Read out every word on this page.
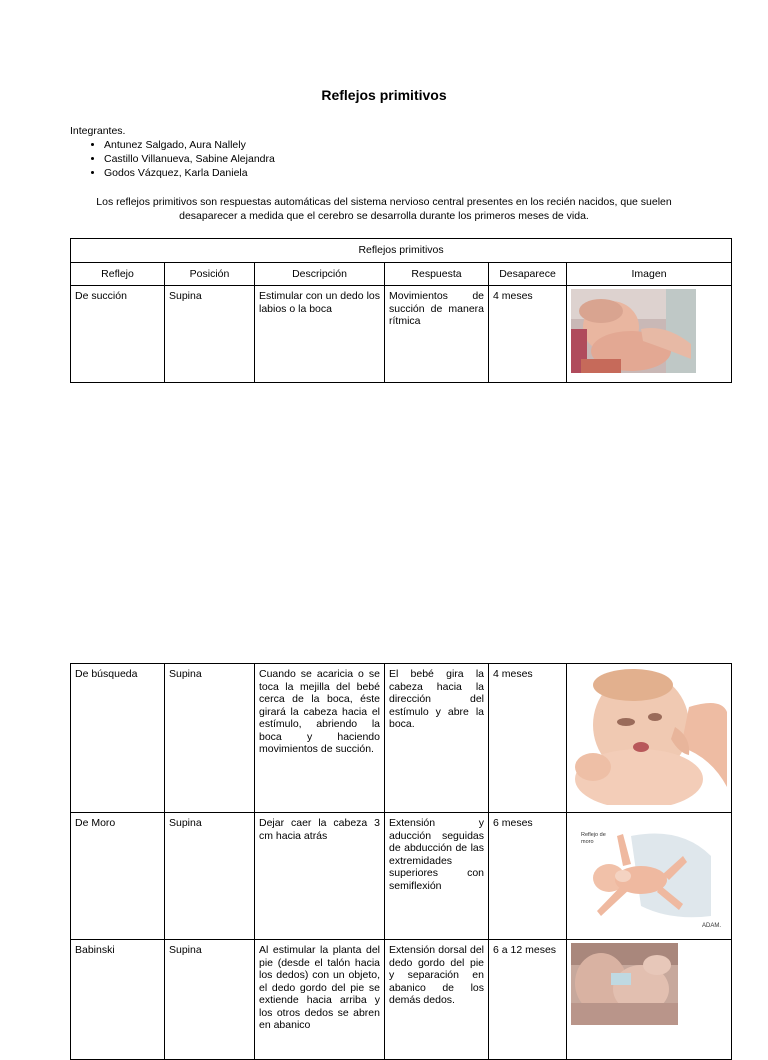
Reflejos primitivos
Integrantes.
• Antunez Salgado, Aura Nallely
• Castillo Villanueva, Sabine Alejandra
• Godos Vázquez, Karla Daniela
Los reflejos primitivos son respuestas automáticas del sistema nervioso central presentes en los recién nacidos, que suelen desaparecer a medida que el cerebro se desarrolla durante los primeros meses de vida.
Reflejos primitivos					
Reflejo	Posición	Descripción	Respuesta	Desaparece	Imagen
De succión	Supina	Estimular con un dedo los labios o la boca	Movimientos de succión de manera rítmica	4 meses	
De búsqueda	Supina	Cuando se acaricia o se toca la mejilla del bebé cerca de la boca, éste girará la cabeza hacia el estímulo, abriendo la boca y haciendo movimientos de succión.	El bebé gira la cabeza hacia la dirección del estímulo y abre la boca.	4 meses	

De Moro	Supina	Dejar caer la cabeza 3 cm hacia atrás	Extensión y aducción seguidas de abducción de las extremidades superiores con semiflexión	6 meses	Reflejo de moro
ADAM.

Babinski	Supina	Al estimular la planta del pie (desde el talón hacia los dedos) con un objeto, el dedo gordo del pie se extiende hacia arriba y los otros dedos se abren en abanico	Extensión dorsal del dedo gordo del pie y separación en abanico de los demás dedos.	6 a 12 meses	
